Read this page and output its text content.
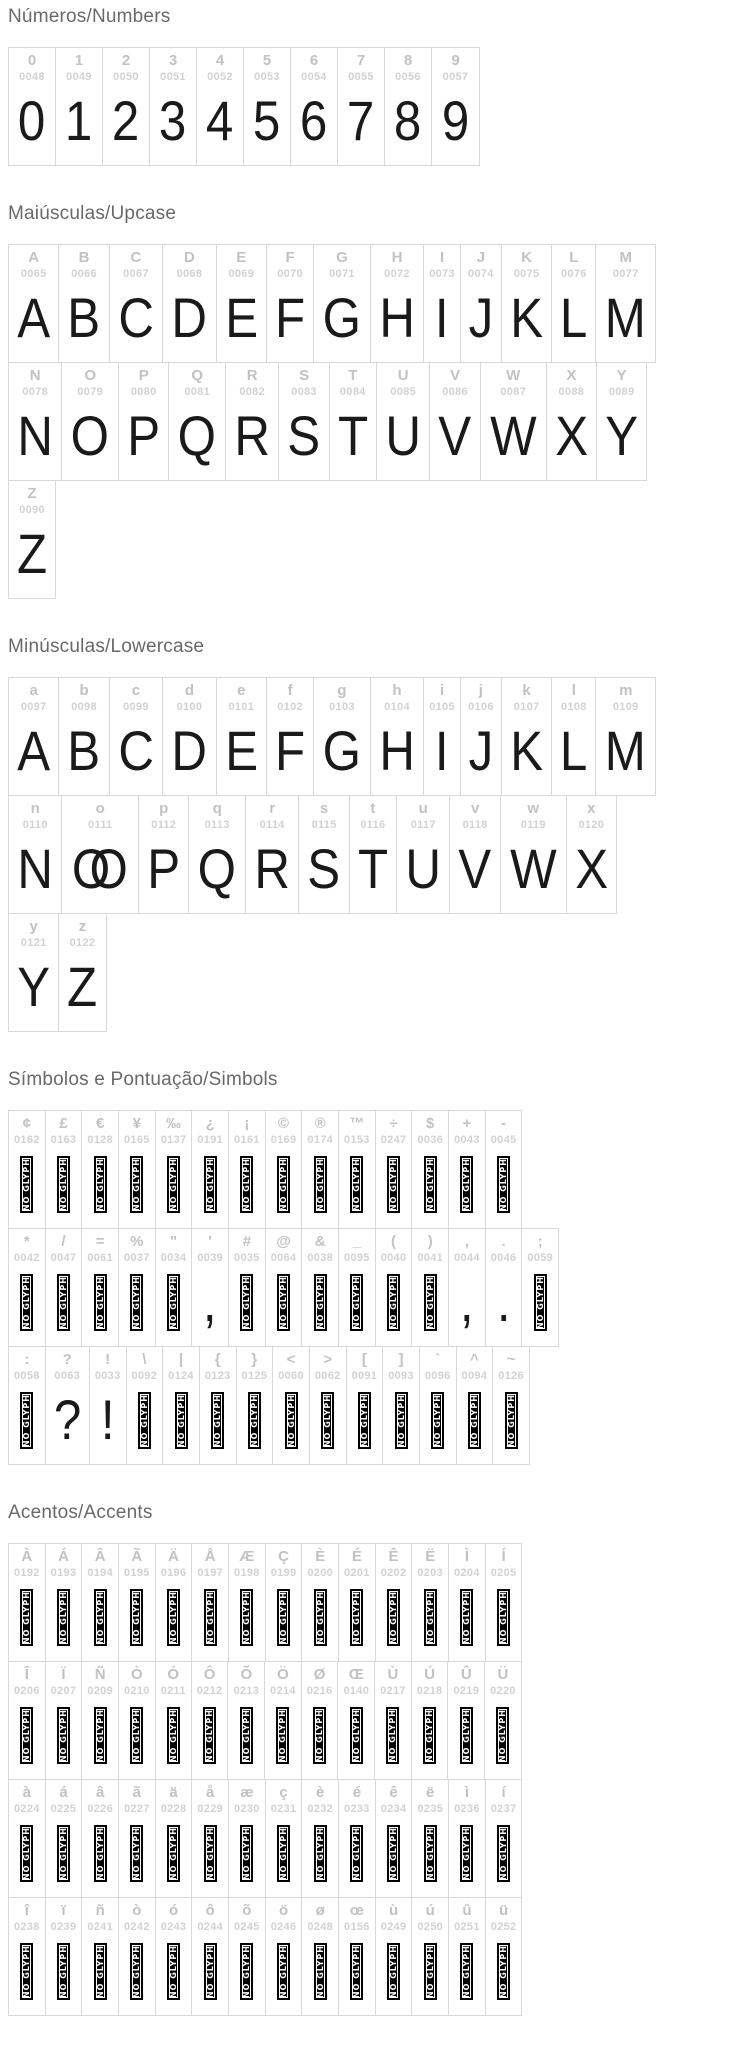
Números/Numbers
0
0048
0
1
0049
1
2
0050
2
3
0051
3
4
0052
4
5
0053
5
6
0054
6
7
0055
7
8
0056
8
9
0057
9
Maiúsculas/Upcase
A
0065
A
B
0066
B
C
0067
C
D
0068
D
E
0069
E
F
0070
F
G
0071
G
H
0072
H
I
0073
I
J
0074
J
K
0075
K
L
0076
L
M
0077
M
N
0078
N
O
0079
O
P
0080
P
Q
0081
Q
R
0082
R
S
0083
S
T
0084
T
U
0085
U
V
0086
V
W
0087
W
X
0088
X
Y
0089
Y
Z
0090
Z
Minúsculas/Lowercase
a
0097
A
b
0098
B
c
0099
C
d
0100
D
e
0101
E
f
0102
F
g
0103
G
h
0104
H
i
0105
I
j
0106
J
k
0107
K
l
0108
L
m
0109
M
n
0110
N
o
0111
OO
p
0112
P
q
0113
Q
r
0114
R
s
0115
S
t
0116
T
u
0117
U
v
0118
V
w
0119
W
x
0120
X
y
0121
Y
z
0122
Z
Símbolos e Pontuação/Simbols
¢
0162
NO GLYPH
£
0163
NO GLYPH
€
0128
NO GLYPH
¥
0165
NO GLYPH
‰
0137
NO GLYPH
¿
0191
NO GLYPH
¡
0161
NO GLYPH
©
0169
NO GLYPH
®
0174
NO GLYPH
™
0153
NO GLYPH
÷
0247
NO GLYPH
$
0036
NO GLYPH
+
0043
NO GLYPH
-
0045
NO GLYPH
*
0042
NO GLYPH
/
0047
NO GLYPH
=
0061
NO GLYPH
%
0037
NO GLYPH
"
0034
NO GLYPH
'
0039
,
#
0035
NO GLYPH
@
0064
NO GLYPH
&
0038
NO GLYPH
_
0095
NO GLYPH
(
0040
NO GLYPH
)
0041
NO GLYPH
,
0044
,
.
0046
.
;
0059
NO GLYPH
:
0058
NO GLYPH
?
0063
?
!
0033
!
\
0092
NO GLYPH
|
0124
NO GLYPH
{
0123
NO GLYPH
}
0125
NO GLYPH
<
0060
NO GLYPH
>
0062
NO GLYPH
[
0091
NO GLYPH
]
0093
NO GLYPH
`
0096
NO GLYPH
^
0094
NO GLYPH
~
0126
NO GLYPH
Acentos/Accents
À
0192
NO GLYPH
Á
0193
NO GLYPH
Â
0194
NO GLYPH
Ã
0195
NO GLYPH
Ä
0196
NO GLYPH
Å
0197
NO GLYPH
Æ
0198
NO GLYPH
Ç
0199
NO GLYPH
È
0200
NO GLYPH
É
0201
NO GLYPH
Ê
0202
NO GLYPH
Ë
0203
NO GLYPH
Ì
0204
NO GLYPH
Í
0205
NO GLYPH
Î
0206
NO GLYPH
Ï
0207
NO GLYPH
Ñ
0209
NO GLYPH
Ò
0210
NO GLYPH
Ó
0211
NO GLYPH
Ô
0212
NO GLYPH
Õ
0213
NO GLYPH
Ö
0214
NO GLYPH
Ø
0216
NO GLYPH
Œ
0140
NO GLYPH
Ù
0217
NO GLYPH
Ú
0218
NO GLYPH
Û
0219
NO GLYPH
Ü
0220
NO GLYPH
à
0224
NO GLYPH
á
0225
NO GLYPH
â
0226
NO GLYPH
ã
0227
NO GLYPH
ä
0228
NO GLYPH
å
0229
NO GLYPH
æ
0230
NO GLYPH
ç
0231
NO GLYPH
è
0232
NO GLYPH
é
0233
NO GLYPH
ê
0234
NO GLYPH
ë
0235
NO GLYPH
ì
0236
NO GLYPH
í
0237
NO GLYPH
î
0238
NO GLYPH
ï
0239
NO GLYPH
ñ
0241
NO GLYPH
ò
0242
NO GLYPH
ó
0243
NO GLYPH
ô
0244
NO GLYPH
õ
0245
NO GLYPH
ö
0246
NO GLYPH
ø
0248
NO GLYPH
œ
0156
NO GLYPH
ù
0249
NO GLYPH
ú
0250
NO GLYPH
û
0251
NO GLYPH
ü
0252
NO GLYPH
